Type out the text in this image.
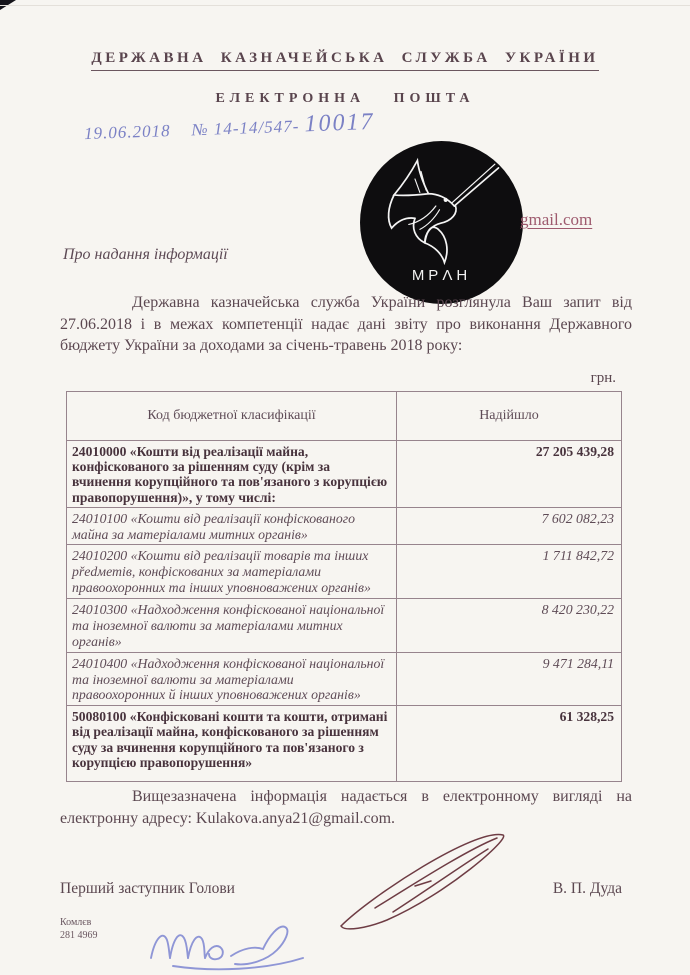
ДЕРЖАВНА КАЗНАЧЕЙСЬКА СЛУЖБА УКРАЇНИ
ЕЛЕКТРОННА ПОШТА
19.06.2018 № 14-14/547- 10017
MPΛH
gmail.com
Про надання інформації
Державна казначейська служба України розглянула Ваш запит від 27.06.2018 і в межах компетенції надає дані звіту про виконання Державного бюджету України за доходами за січень-травень 2018 року:
грн.
Код бюджетної класифікації	Надійшло
24010000 «Кошти від реалізації майна, конфіскованого за рішенням суду (крім за вчинення корупційного та пов'язаного з корупцією правопорушення)», у тому числі:
27 205 439,28
24010100 «Кошти від реалізації конфіскованого майна за матеріалами митних органів»
7 602 082,23
24010200 «Кошти від реалізації товарів та інших předметів, конфіскованих за матеріалами правоохоронних та інших уповноважених органів»
1 711 842,72
24010300 «Надходження конфіскованої національної та іноземної валюти за матеріалами митних органів»
8 420 230,22
24010400 «Надходження конфіскованої національної та іноземної валюти за матеріалами правоохоронних й інших уповноважених органів»
9 471 284,11
50080100 «Конфісковані кошти та кошти, отримані від реалізації майна, конфіскованого за рішенням суду за вчинення корупційного та пов'язаного з корупцією правопорушення»
61 328,25
Вищезазначена інформація надається в електронному вигляді на електронну адресу: Kulakova.anya21@gmail.com.
Перший заступник Голови	В. П. Дуда
Комлєв
281 4969
